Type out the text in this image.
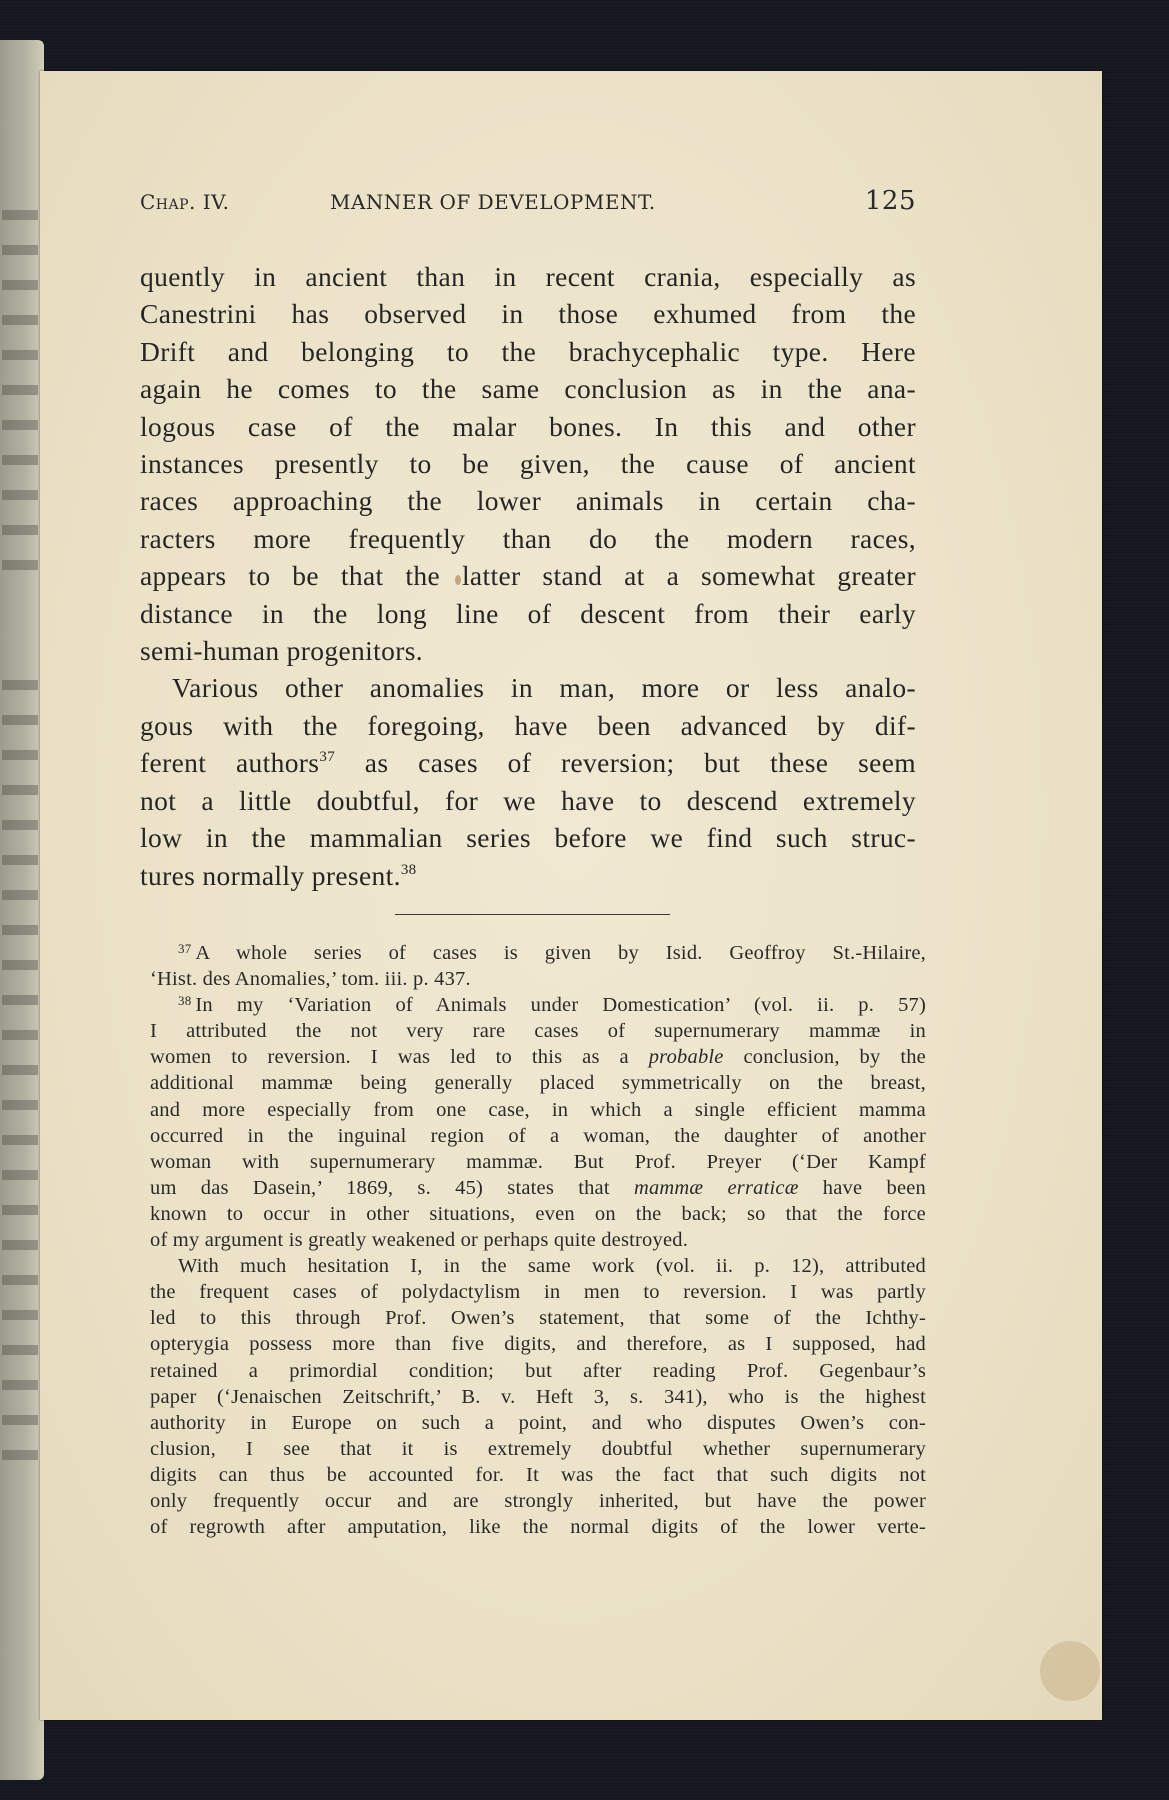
Chap. IV.	MANNER OF DEVELOPMENT.	125
quently in ancient than in recent crania, especially as
Canestrini has observed in those exhumed from the
Drift and belonging to the brachycephalic type. Here
again he comes to the same conclusion as in the ana-
logous case of the malar bones. In this and other
instances presently to be given, the cause of ancient
races approaching the lower animals in certain cha-
racters more frequently than do the modern races,
appears to be that the latter stand at a somewhat greater
distance in the long line of descent from their early
semi-human progenitors.
Various other anomalies in man, more or less analo-
gous with the foregoing, have been advanced by dif-
ferent authors$^{37}$ as cases of reversion; but these seem
not a little doubtful, for we have to descend extremely
low in the mammalian series before we find such struc-
tures normally present.$^{38}$
$^{37}$ A whole series of cases is given by Isid. Geoffroy St.-Hilaire,
‘Hist. des Anomalies,’ tom. iii. p. 437.
$^{38}$ In my ‘Variation of Animals under Domestication’ (vol. ii. p. 57)
I attributed the not very rare cases of supernumerary mammæ in
women to reversion. I was led to this as a probable conclusion, by the
additional mammæ being generally placed symmetrically on the breast,
and more especially from one case, in which a single efficient mamma
occurred in the inguinal region of a woman, the daughter of another
woman with supernumerary mammæ. But Prof. Preyer (‘Der Kampf
um das Dasein,’ 1869, s. 45) states that mammæ erraticæ have been
known to occur in other situations, even on the back; so that the force
of my argument is greatly weakened or perhaps quite destroyed.
With much hesitation I, in the same work (vol. ii. p. 12), attributed
the frequent cases of polydactylism in men to reversion. I was partly
led to this through Prof. Owen’s statement, that some of the Ichthy-
opterygia possess more than five digits, and therefore, as I supposed, had
retained a primordial condition; but after reading Prof. Gegenbaur’s
paper (‘Jenaischen Zeitschrift,’ B. v. Heft 3, s. 341), who is the highest
authority in Europe on such a point, and who disputes Owen’s con-
clusion, I see that it is extremely doubtful whether supernumerary
digits can thus be accounted for. It was the fact that such digits not
only frequently occur and are strongly inherited, but have the power
of regrowth after amputation, like the normal digits of the lower verte-
